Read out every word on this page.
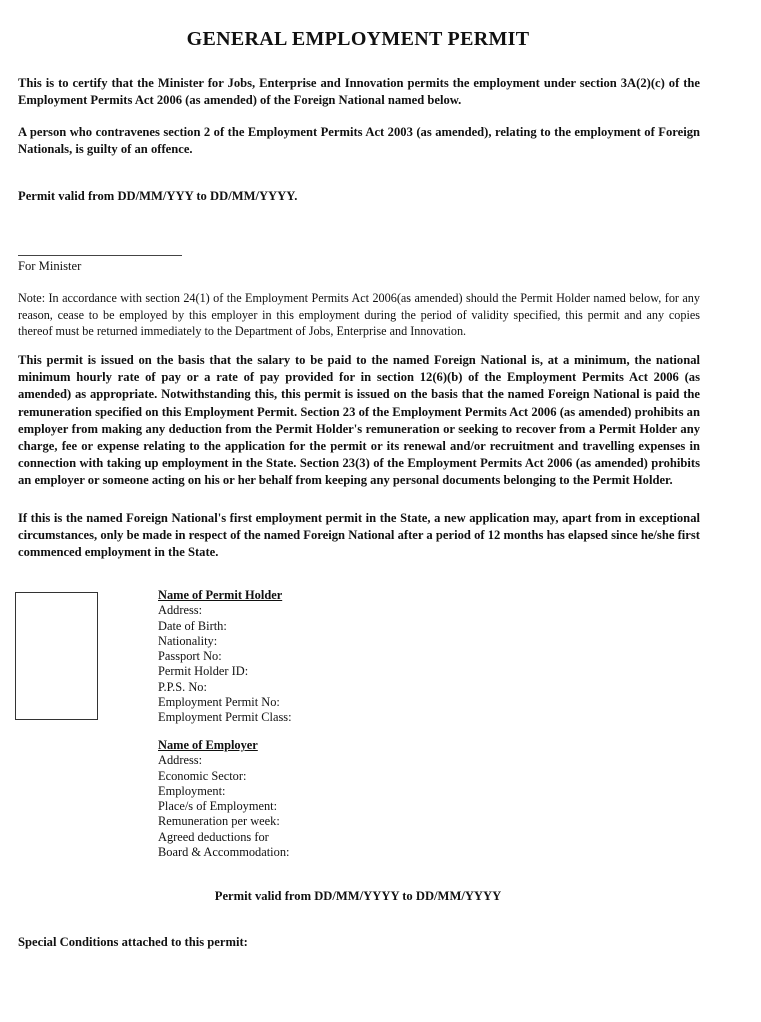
GENERAL EMPLOYMENT PERMIT

This is to certify that the Minister for Jobs, Enterprise and Innovation permits the employment under section 3A(2)(c) of the Employment Permits Act 2006 (as amended) of the Foreign National named below.

A person who contravenes section 2 of the Employment Permits Act 2003 (as amended), relating to the employment of Foreign Nationals, is guilty of an offence.

Permit valid from DD/MM/YYY to DD/MM/YYYY.

For Minister

Note: In accordance with section 24(1) of the Employment Permits Act 2006(as amended) should the Permit Holder named below, for any reason, cease to be employed by this employer in this employment during the period of validity specified, this permit and any copies thereof must be returned immediately to the Department of Jobs, Enterprise and Innovation.

This permit is issued on the basis that the salary to be paid to the named Foreign National is, at a minimum, the national minimum hourly rate of pay or a rate of pay provided for in section 12(6)(b) of the Employment Permits Act 2006 (as amended) as appropriate. Notwithstanding this, this permit is issued on the basis that the named Foreign National is paid the remuneration specified on this Employment Permit. Section 23 of the Employment Permits Act 2006 (as amended) prohibits an employer from making any deduction from the Permit Holder's remuneration or seeking to recover from a Permit Holder any charge, fee or expense relating to the application for the permit or its renewal and/or recruitment and travelling expenses in connection with taking up employment in the State. Section 23(3) of the Employment Permits Act 2006 (as amended) prohibits an employer or someone acting on his or her behalf from keeping any personal documents belonging to the Permit Holder.

If this is the named Foreign National's first employment permit in the State, a new application may, apart from in exceptional circumstances, only be made in respect of the named Foreign National after a period of 12 months has elapsed since he/she first commenced employment in the State.

Name of Permit Holder
Address:
Date of Birth:
Nationality:
Passport No:
Permit Holder ID:
P.P.S. No:
Employment Permit No:
Employment Permit Class:
Name of Employer
Address:
Economic Sector:
Employment:
Place/s of Employment:
Remuneration per week:
Agreed deductions for
Board & Accommodation:

Permit valid from DD/MM/YYYY to DD/MM/YYYY

Special Conditions attached to this permit:
